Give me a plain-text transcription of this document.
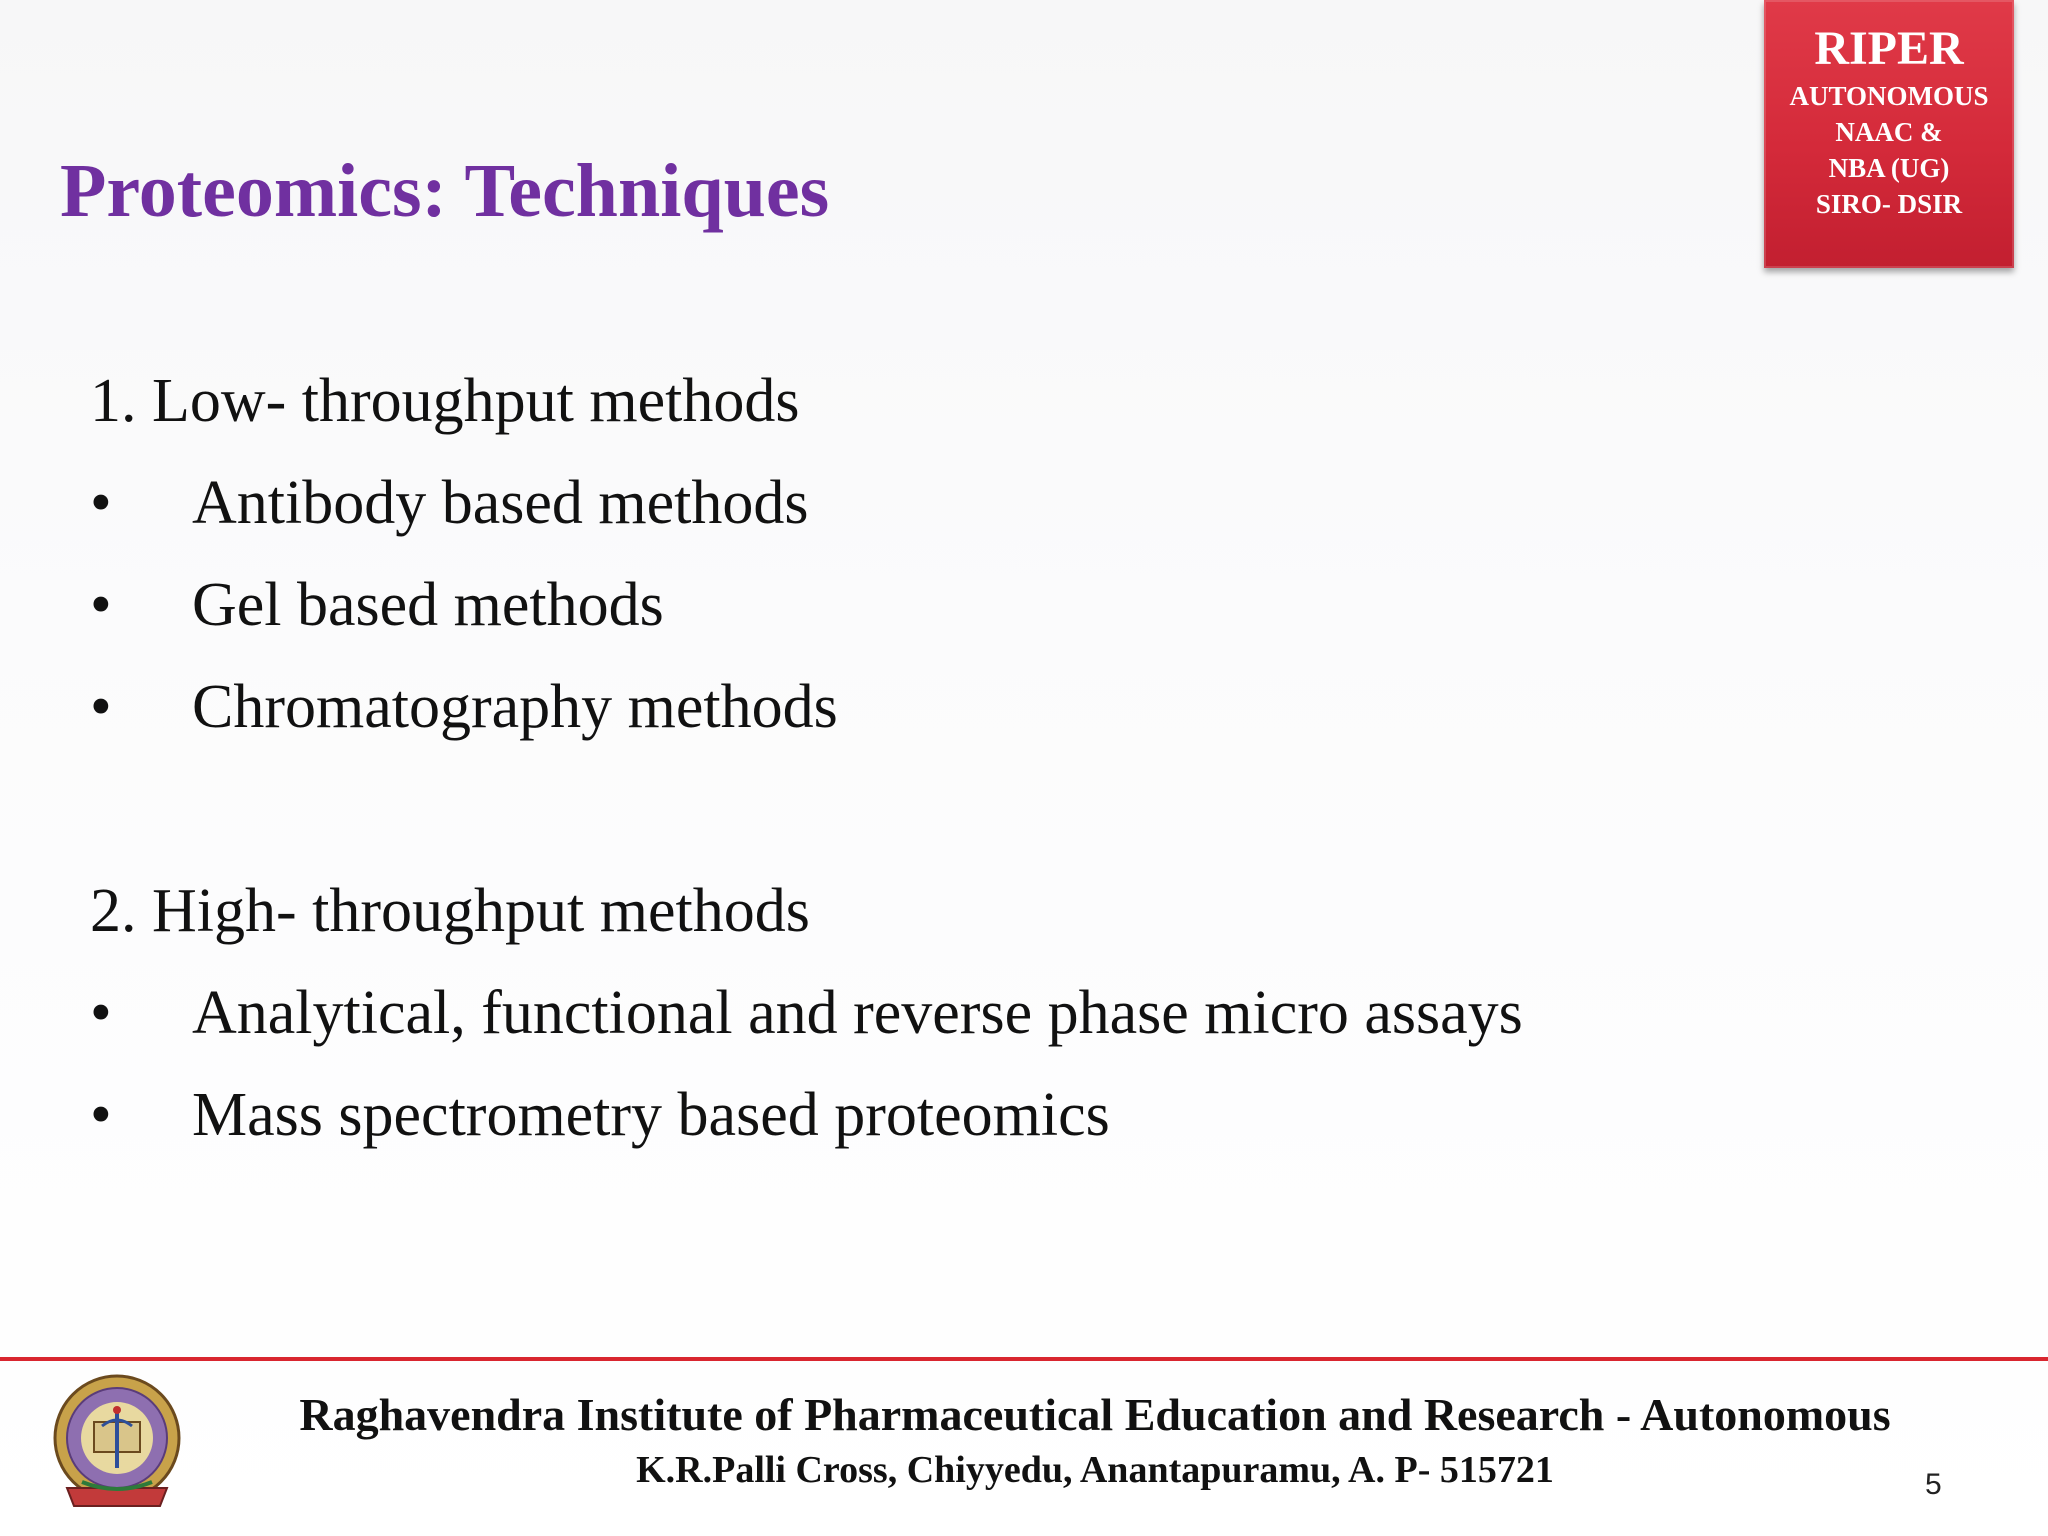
Proteomics: Techniques
RIPER
AUTONOMOUS
NAAC &
NBA (UG)
SIRO- DSIR
1. Low- throughput methods
• Antibody based methods
• Gel based methods
• Chromatography methods
2. High- throughput methods
• Analytical, functional and reverse phase micro assays
• Mass spectrometry based proteomics
Raghavendra Institute of Pharmaceutical Education and Research - Autonomous
K.R.Palli Cross, Chiyyedu, Anantapuramu, A. P- 515721	5
